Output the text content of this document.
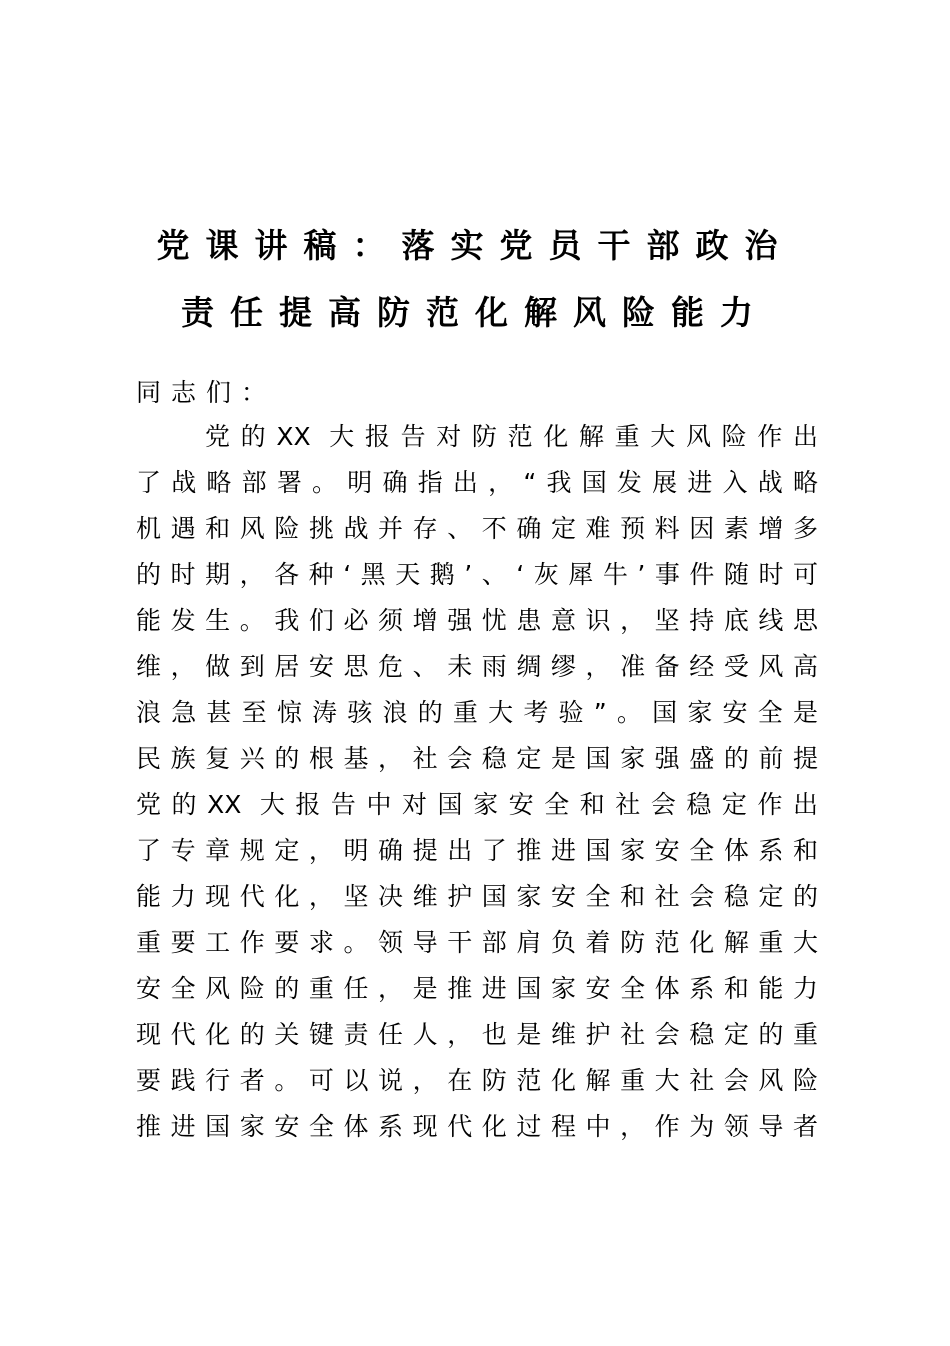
党课讲稿：落实党员干部政治
责任提高防范化解风险能力
同志们：
党的XX 大报告对防范化解重大风险作出
了战略部署。明确指出，“我国发展进入战略
机遇和风险挑战并存、不确定难预料因素增多
的时期，各种‘黑天鹅’、‘灰犀牛’事件随时可
能发生。我们必须增强忧患意识，坚持底线思
维，做到居安思危、未雨绸缪，准备经受风高
浪急甚至惊涛骇浪的重大考验”。国家安全是
民族复兴的根基，社会稳定是国家强盛的前提
党的XX 大报告中对国家安全和社会稳定作出
了专章规定，明确提出了推进国家安全体系和
能力现代化，坚决维护国家安全和社会稳定的
重要工作要求。领导干部肩负着防范化解重大
安全风险的重任，是推进国家安全体系和能力
现代化的关键责任人，也是维护社会稳定的重
要践行者。可以说，在防范化解重大社会风险
推进国家安全体系现代化过程中，作为领导者
